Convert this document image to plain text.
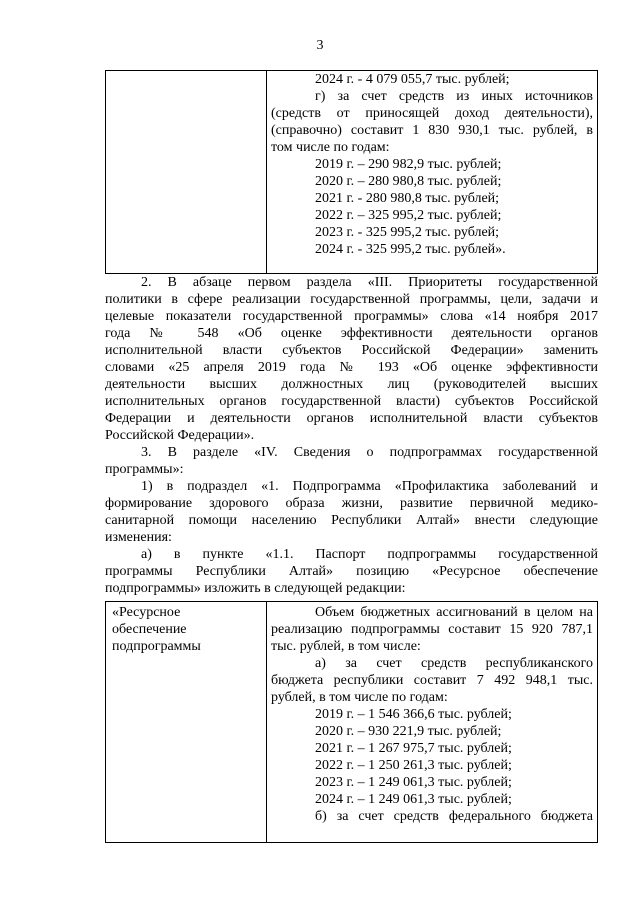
3
2024 г. - 4 079 055,7 тыс. рублей;
г) за счет средств из иных источников
(средств от приносящей доход деятельности),
(справочно) составит 1 830 930,1 тыс. рублей, в
том числе по годам:
2019 г. – 290 982,9 тыс. рублей;
2020 г. – 280 980,8 тыс. рублей;
2021 г. - 280 980,8 тыс. рублей;
2022 г. – 325 995,2 тыс. рублей;
2023 г. - 325 995,2 тыс. рублей;
2024 г. - 325 995,2 тыс. рублей».
2. В абзаце первом раздела «III. Приоритеты государственной
политики в сфере реализации государственной программы, цели, задачи и
целевые показатели государственной программы» слова «14 ноября 2017
года № 548 «Об оценке эффективности деятельности органов
исполнительной власти субъектов Российской Федерации» заменить
словами «25 апреля 2019 года № 193 «Об оценке эффективности
деятельности высших должностных лиц (руководителей высших
исполнительных органов государственной власти) субъектов Российской
Федерации и деятельности органов исполнительной власти субъектов
Российской Федерации».
3. В разделе «IV. Сведения о подпрограммах государственной
программы»:
1) в подраздел «1. Подпрограмма «Профилактика заболеваний и
формирование здорового образа жизни, развитие первичной медико-
санитарной помощи населению Республики Алтай» внести следующие
изменения:
а) в пункте «1.1. Паспорт подпрограммы государственной
программы Республики Алтай» позицию «Ресурсное обеспечение
подпрограммы» изложить в следующей редакции:
«Ресурсное
обеспечение
подпрограммы
Объем бюджетных ассигнований в целом на
реализацию подпрограммы составит 15 920 787,1
тыс. рублей, в том числе:
а) за счет средств республиканского
бюджета республики составит 7 492 948,1 тыс.
рублей, в том числе по годам:
2019 г. – 1 546 366,6 тыс. рублей;
2020 г. – 930 221,9 тыс. рублей;
2021 г. – 1 267 975,7 тыс. рублей;
2022 г. – 1 250 261,3 тыс. рублей;
2023 г. – 1 249 061,3 тыс. рублей;
2024 г. – 1 249 061,3 тыс. рублей;
б) за счет средств федерального бюджета
